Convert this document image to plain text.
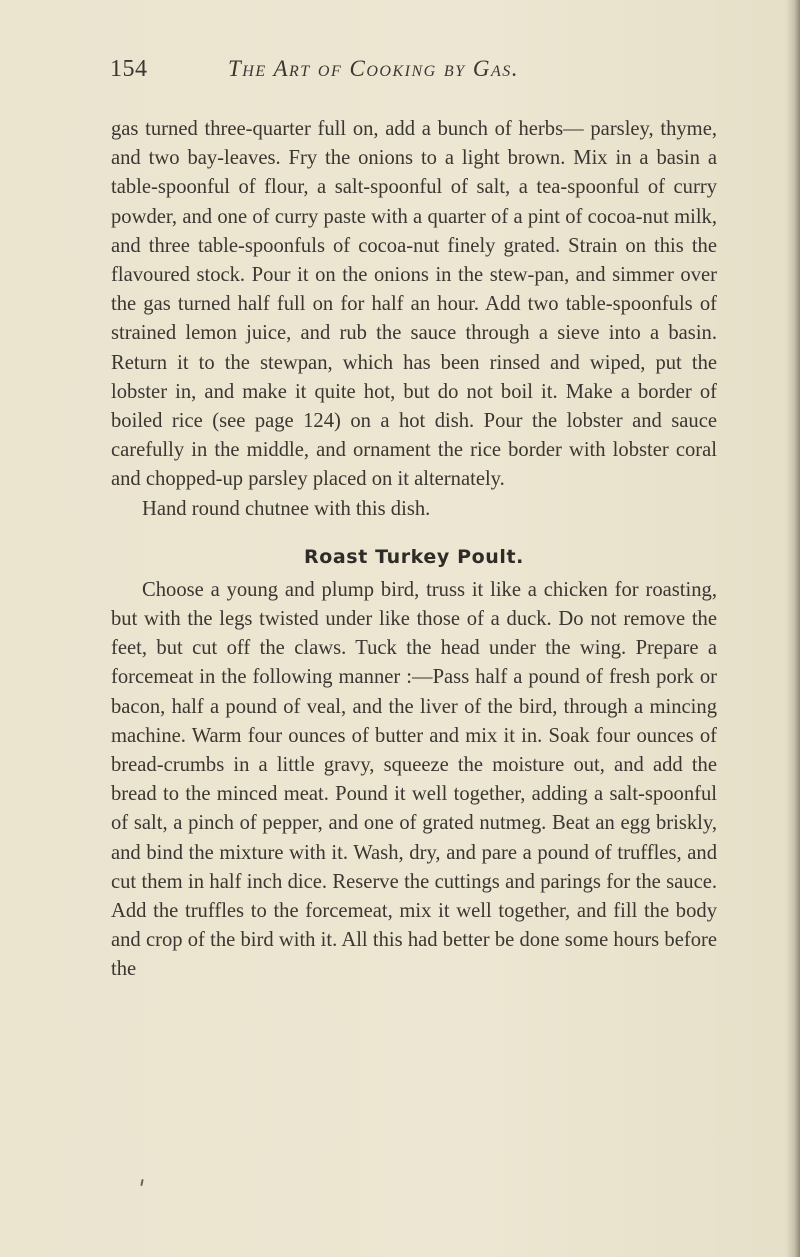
154	The Art of Cooking by Gas.

gas turned three-quarter full on, add a bunch of herbs— parsley, thyme, and two bay-leaves. Fry the onions to a light brown. Mix in a basin a table-spoonful of flour, a salt-spoonful of salt, a tea-spoonful of curry powder, and one of curry paste with a quarter of a pint of cocoa-nut milk, and three table-spoonfuls of cocoa-nut finely grated. Strain on this the flavoured stock. Pour it on the onions in the stew-pan, and simmer over the gas turned half full on for half an hour. Add two table-spoonfuls of strained lemon juice, and rub the sauce through a sieve into a basin. Return it to the stewpan, which has been rinsed and wiped, put the lobster in, and make it quite hot, but do not boil it. Make a border of boiled rice (see page 124) on a hot dish. Pour the lobster and sauce carefully in the middle, and ornament the rice border with lobster coral and chopped-up parsley placed on it alternately.

Hand round chutnee with this dish.

Roast Turkey Poult.

Choose a young and plump bird, truss it like a chicken for roasting, but with the legs twisted under like those of a duck. Do not remove the feet, but cut off the claws. Tuck the head under the wing. Prepare a forcemeat in the following manner :—Pass half a pound of fresh pork or bacon, half a pound of veal, and the liver of the bird, through a mincing machine. Warm four ounces of butter and mix it in. Soak four ounces of bread-crumbs in a little gravy, squeeze the moisture out, and add the bread to the minced meat. Pound it well together, adding a salt-spoonful of salt, a pinch of pepper, and one of grated nutmeg. Beat an egg briskly, and bind the mixture with it. Wash, dry, and pare a pound of truffles, and cut them in half inch dice. Reserve the cuttings and parings for the sauce. Add the truffles to the forcemeat, mix it well together, and fill the body and crop of the bird with it. All this had better be done some hours before the
